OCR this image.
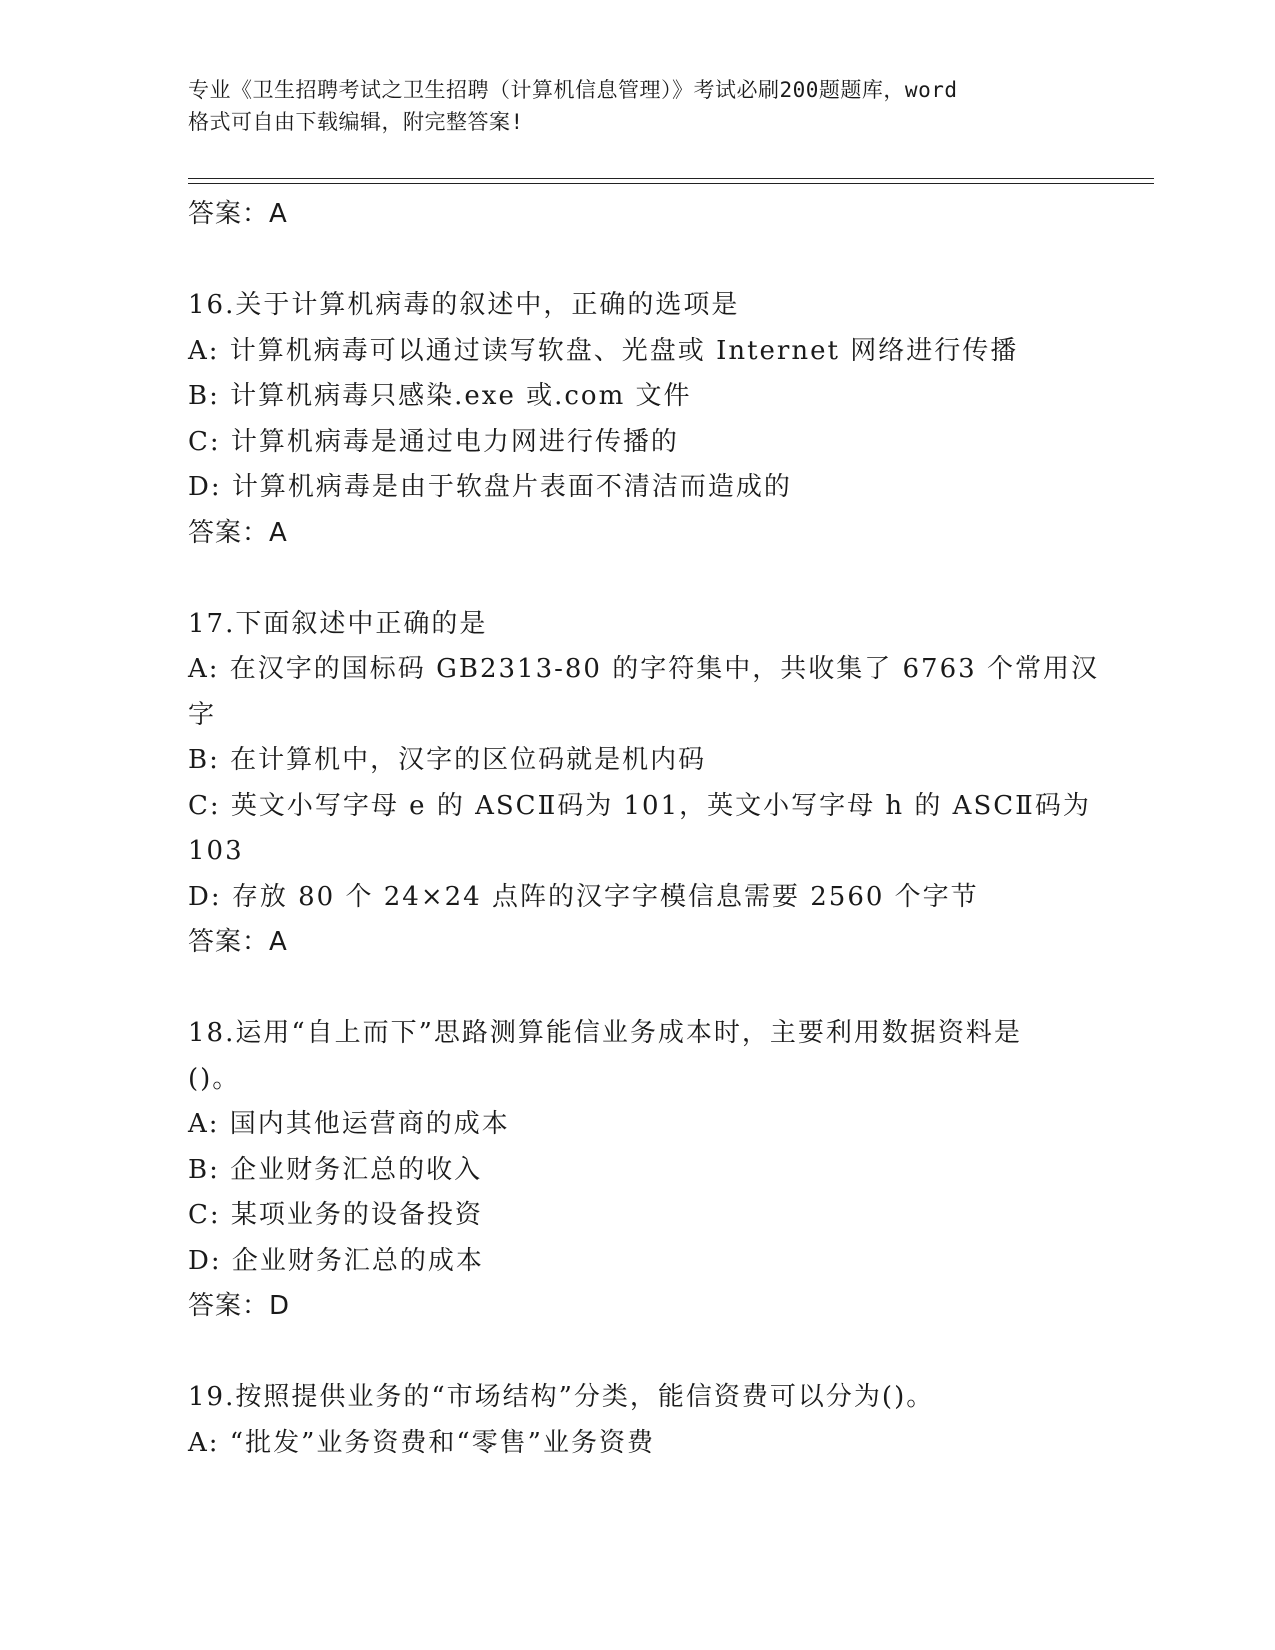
专业《卫生招聘考试之卫生招聘（计算机信息管理）》考试必刷200题题库，word
格式可自由下载编辑，附完整答案!
答案：A
16.关于计算机病毒的叙述中，正确的选项是
A: 计算机病毒可以通过读写软盘、光盘或 Internet 网络进行传播
B: 计算机病毒只感染.exe 或.com 文件
C: 计算机病毒是通过电力网进行传播的
D: 计算机病毒是由于软盘片表面不清洁而造成的
答案：A
17.下面叙述中正确的是
A: 在汉字的国标码 GB2313-80 的字符集中，共收集了 6763 个常用汉
字
B: 在计算机中，汉字的区位码就是机内码
C: 英文小写字母 e 的 ASCⅡ码为 101，英文小写字母 h 的 ASCⅡ码为
103
D: 存放 80 个 24×24 点阵的汉字字模信息需要 2560 个字节
答案：A
18.运用“自上而下”思路测算能信业务成本时，主要利用数据资料是
()。
A: 国内其他运营商的成本
B: 企业财务汇总的收入
C: 某项业务的设备投资
D: 企业财务汇总的成本
答案：D
19.按照提供业务的“市场结构”分类，能信资费可以分为()。
A: “批发”业务资费和“零售”业务资费
